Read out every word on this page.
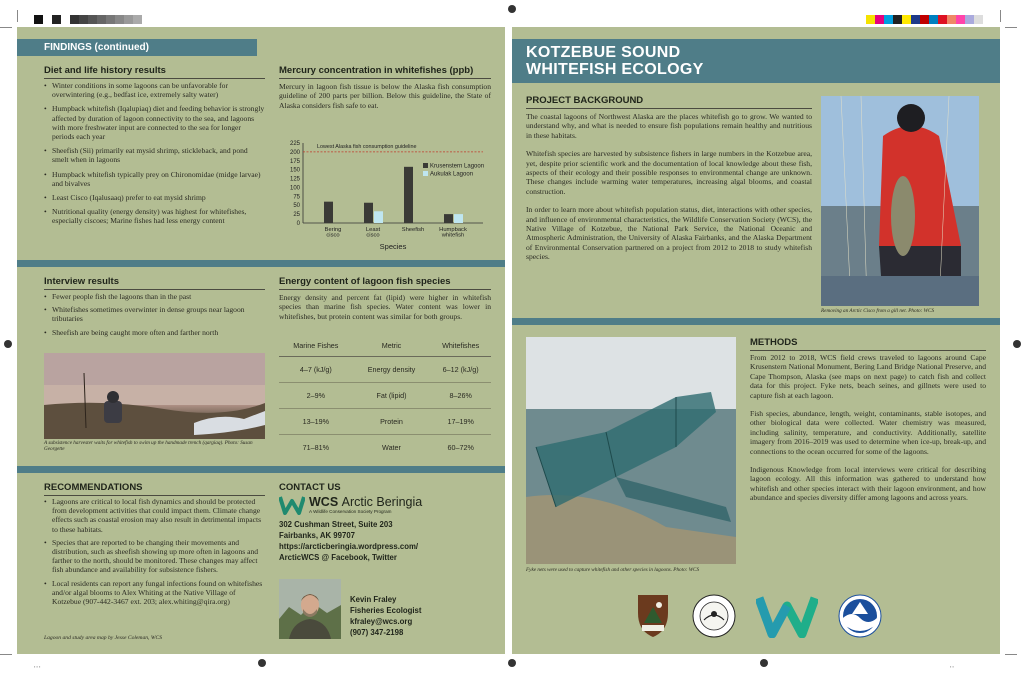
FINDINGS (continued)
Diet and life history results
• Winter conditions in some lagoons can be unfavorable for overwintering (e.g., bedfast ice, extremely salty water)
• Humpback whitefish (Iqalupiaq) diet and feeding behavior is strongly affected by duration of lagoon connectivity to the sea, and lagoons with more freshwater input are connected to the sea for longer periods each year
• Sheefish (Sii) primarily eat mysid shrimp, stickleback, and pond smelt when in lagoons
• Humpback whitefish typically prey on Chironomidae (midge larvae) and bivalves
• Least Cisco (Iqalusaaq) prefer to eat mysid shrimp
• Nutritional quality (energy density) was highest for whitefishes, especially ciscoes; Marine fishes had less energy content
Mercury concentration in whitefishes (ppb)
Mercury in lagoon fish tissue is below the Alaska fish consumption guideline of 200 parts per billion. Below this guideline, the State of Alaska considers fish safe to eat.
0
25
50
75
100
125
150
175
200
225	Lowest Alaska fish consumption guideline
Bering cisco
Least cisco
Sheefish	Humpback whitefish
Species
Krusenstern Lagoon
Aukulak Lagoon
Interview results
• Fewer people fish the lagoons than in the past
• Whitefishes sometimes overwinter in dense groups near lagoon tributaries
• Sheefish are being caught more often and farther north
A subsistence harvester waits for whitefish to swim up the handmade trench (qargiaq). Photo: Susan Georgette
Energy content of lagoon fish species
Energy density and percent fat (lipid) were higher in whitefish species than marine fish species. Water content was lower in whitefishes, but protein content was similar for both groups.
Marine Fishes	Metric	Whitefishes
4–7 (kJ/g)	Energy density	6–12 (kJ/g)
2–9%	Fat (lipid)	8–26%
13–19%	Protein	17–19%
71–81%	Water	60–72%
RECOMMENDATIONS
• Lagoons are critical to local fish dynamics and should be protected from development activities that could impact them. Climate change effects such as coastal erosion may also result in detrimental impacts to these habitats.
• Species that are reported to be changing their movements and distribution, such as sheefish showing up more often in lagoons and farther to the north, should be monitored. These changes may affect fish abundance and availability for subsistence fishers.
• Local residents can report any fungal infections found on whitefishes and/or algal blooms to Alex Whiting at the Native Village of Kotzebue (907-442-3467 ext. 203; alex.whiting@qira.org)
Lagoon and study area map by Jesse Coleman, WCS
CONTACT US
WCS Arctic Beringia
A Wildlife Conservation Society Program
302 Cushman Street, Suite 203
Fairbanks, AK 99707
https://arcticberingia.wordpress.com/
ArcticWCS @ Facebook, Twitter
Kevin Fraley
Fisheries Ecologist
kfraley@wcs.org
(907) 347-2198
KOTZEBUE SOUND
WHITEFISH ECOLOGY
PROJECT BACKGROUND

The coastal lagoons of Northwest Alaska are the places whitefish go to grow. We wanted to understand why, and what is needed to ensure fish populations remain healthy and nutritious in these habitats.

Whitefish species are harvested by subsistence fishers in large numbers in the Kotzebue area, yet, despite prior scientific work and the documentation of local knowledge about these fish, aspects of their ecology and their possible responses to environmental change are unknown. These changes include warming water temperatures, increasing algal blooms, and coastal construction.

In order to learn more about whitefish population status, diet, interactions with other species, and influence of environmental characteristics, the Wildlife Conservation Society (WCS), the Native Village of Kotzebue, the National Park Service, the National Oceanic and Atmospheric Administration, the University of Alaska Fairbanks, and the Alaska Department of Environmental Conservation partnered on a project from 2012 to 2018 to study whitefish species.

Removing an Arctic Cisco from a gill net. Photo: WCS
Fyke nets were used to capture whitefish and other species in lagoons. Photo: WCS
METHODS

From 2012 to 2018, WCS field crews traveled to lagoons around Cape Krusenstern National Monument, Bering Land Bridge National Preserve, and Cape Thompson, Alaska (see maps on next page) to catch fish and collect data for this project. Fyke nets, beach seines, and gillnets were used to capture fish at each lagoon.

Fish species, abundance, length, weight, contaminants, stable isotopes, and other biological data were collected. Water chemistry was measured, including salinity, temperature, and conductivity. Additionally, satellite imagery from 2016–2019 was used to determine when ice-up, break-up, and connections to the ocean occurred for some of the lagoons.

Indigenous Knowledge from local interviews were critical for describing lagoon ecology. All this information was gathered to understand how whitefish and other species interact with their lagoon environment, and how abundance and species diversity differ among lagoons and across years.

▪ ▪ ▪	▪ ▪
